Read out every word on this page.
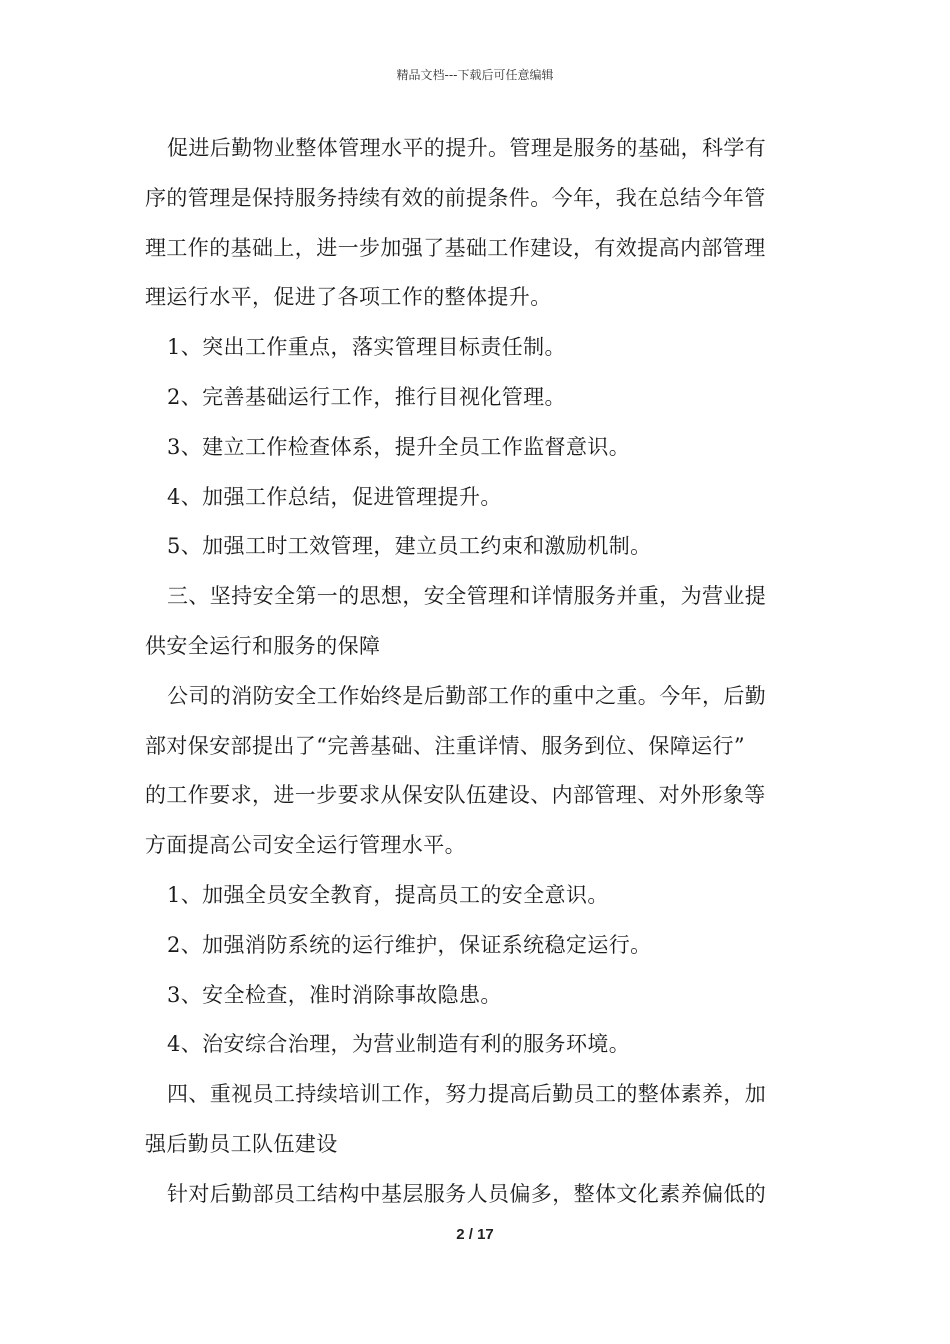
精品文档---下载后可任意编辑
促进后勤物业整体管理水平的提升。管理是服务的基础，科学有
序的管理是保持服务持续有效的前提条件。今年，我在总结今年管
理工作的基础上，进一步加强了基础工作建设，有效提高内部管理
理运行水平，促进了各项工作的整体提升。
1、突出工作重点，落实管理目标责任制。
2、完善基础运行工作，推行目视化管理。
3、建立工作检查体系，提升全员工作监督意识。
4、加强工作总结，促进管理提升。
5、加强工时工效管理，建立员工约束和激励机制。
三、坚持安全第一的思想，安全管理和详情服务并重，为营业提
供安全运行和服务的保障
公司的消防安全工作始终是后勤部工作的重中之重。今年，后勤
部对保安部提出了“完善基础、注重详情、服务到位、保障运行”
的工作要求，进一步要求从保安队伍建设、内部管理、对外形象等
方面提高公司安全运行管理水平。
1、加强全员安全教育，提高员工的安全意识。
2、加强消防系统的运行维护，保证系统稳定运行。
3、安全检查，准时消除事故隐患。
4、治安综合治理，为营业制造有利的服务环境。
四、重视员工持续培训工作，努力提高后勤员工的整体素养，加
强后勤员工队伍建设
针对后勤部员工结构中基层服务人员偏多，整体文化素养偏低的
2 / 17
